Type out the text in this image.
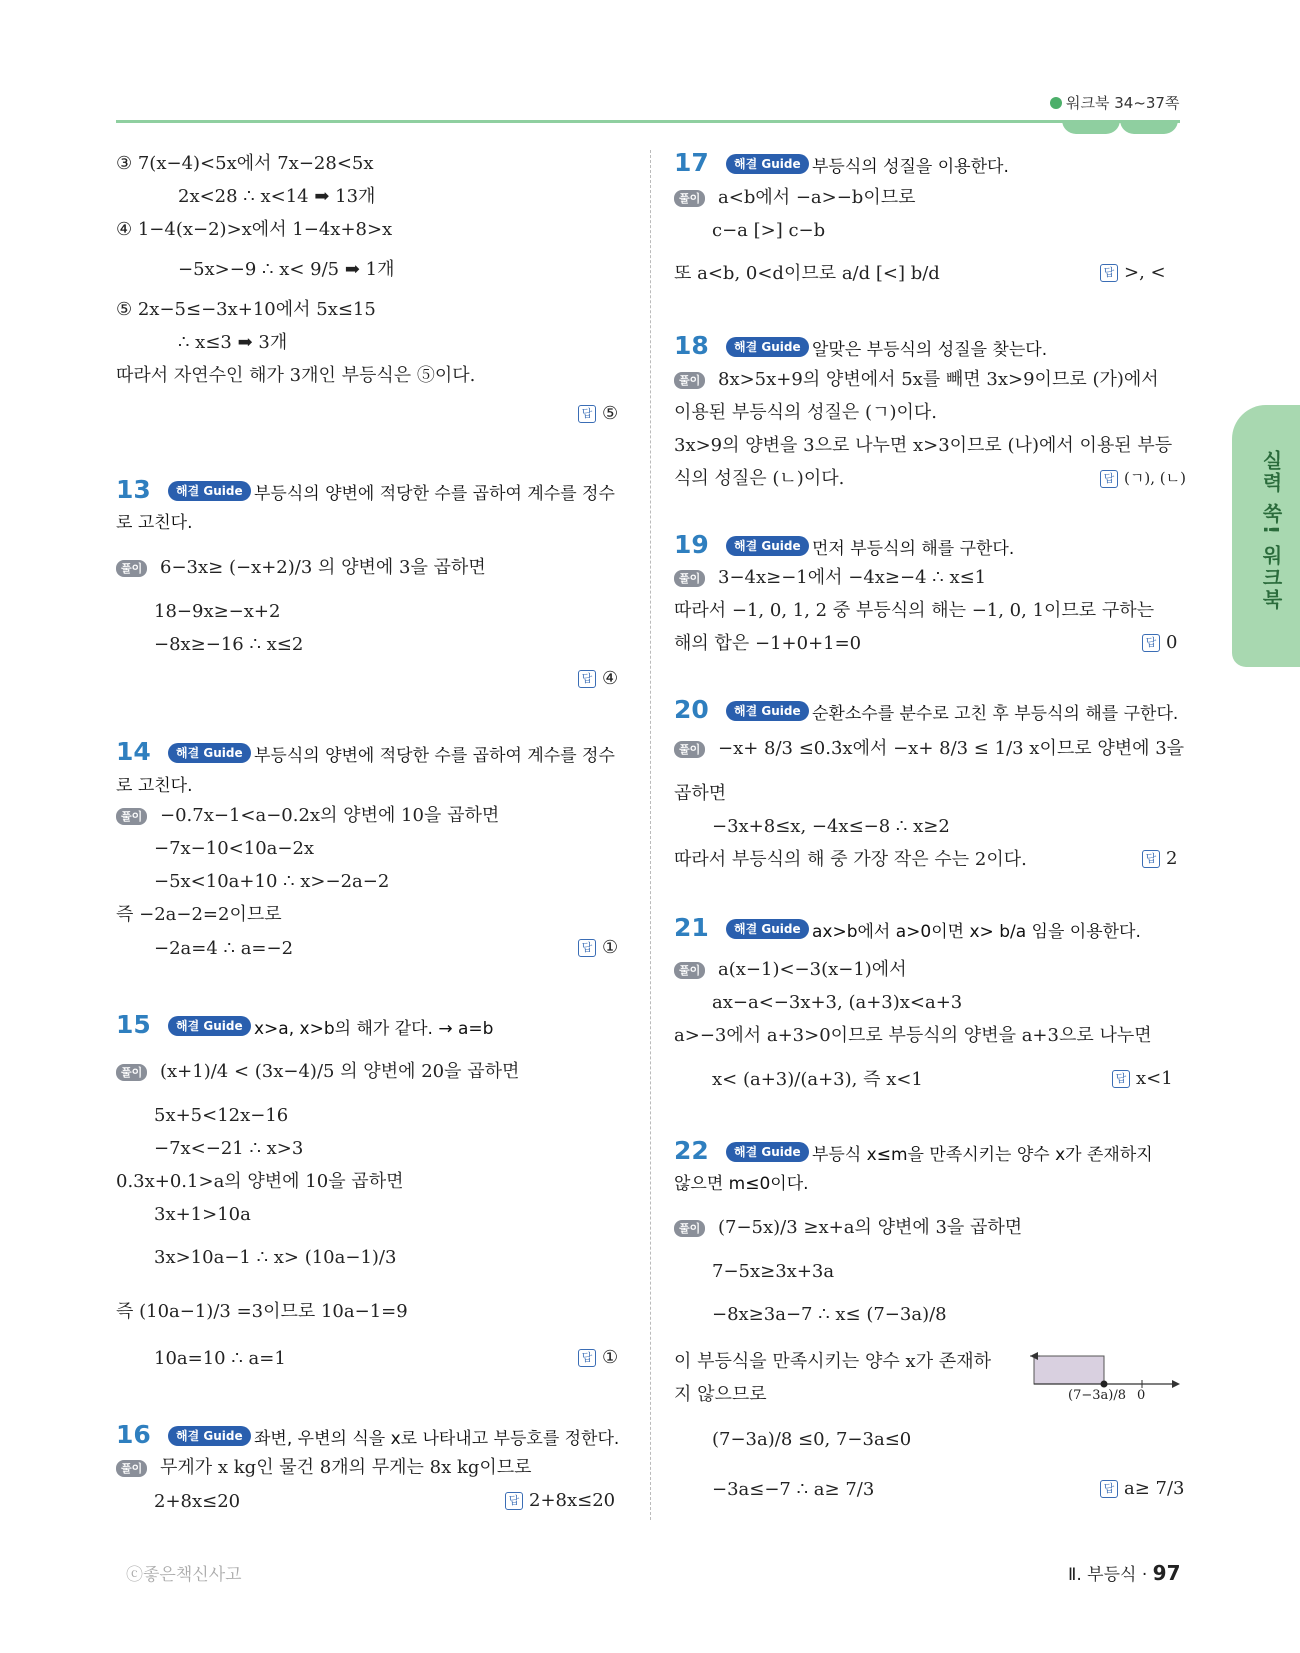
워크북 34~37쪽
실력 쑥! 워크북
③ 7(x−4)<5x에서 7x−28<5x
2x<28 ∴ x<14 ➡ 13개
④ 1−4(x−2)>x에서 1−4x+8>x
−5x>−9 ∴ x< 9/5 ➡ 1개
⑤ 2x−5≤−3x+10에서 5x≤15
∴ x≤3 ➡ 3개
따라서 자연수인 해가 3개인 부등식은 ⑤이다.
답 ⑤
13	해결 Guide 부등식의 양변에 적당한 수를 곱하여 계수를 정수
로 고친다.
풀이 6−3x≥ (−x+2)/3 의 양변에 3을 곱하면
18−9x≥−x+2
−8x≥−16 ∴ x≤2
답 ④
14	해결 Guide 부등식의 양변에 적당한 수를 곱하여 계수를 정수
로 고친다.
풀이 −0.7x−1<a−0.2x의 양변에 10을 곱하면
−7x−10<10a−2x
−5x<10a+10 ∴ x>−2a−2
즉 −2a−2=2이므로
−2a=4 ∴ a=−2	답 ①
15	해결 Guide x>a, x>b의 해가 같다. → a=b
풀이 (x+1)/4 < (3x−4)/5 의 양변에 20을 곱하면
5x+5<12x−16
−7x<−21 ∴ x>3
0.3x+0.1>a의 양변에 10을 곱하면
3x+1>10a
3x>10a−1 ∴ x> (10a−1)/3
즉 (10a−1)/3 =3이므로 10a−1=9
10a=10 ∴ a=1	답 ①
16	해결 Guide 좌변, 우변의 식을 x로 나타내고 부등호를 정한다.
풀이 무게가 x kg인 물건 8개의 무게는 8x kg이므로
2+8x≤20	답 2+8x≤20
17	해결 Guide 부등식의 성질을 이용한다.
풀이 a<b에서 −a>−b이므로
c−a [>] c−b
또 a<b, 0<d이므로 a/d [<] b/d	답 >, <
18	해결 Guide 알맞은 부등식의 성질을 찾는다.
풀이 8x>5x+9의 양변에서 5x를 빼면 3x>9이므로 (가)에서
이용된 부등식의 성질은 (ㄱ)이다.
3x>9의 양변을 3으로 나누면 x>3이므로 (나)에서 이용된 부등
식의 성질은 (ㄴ)이다.	답 (ㄱ), (ㄴ)
19	해결 Guide 먼저 부등식의 해를 구한다.
풀이 3−4x≥−1에서 −4x≥−4 ∴ x≤1
따라서 −1, 0, 1, 2 중 부등식의 해는 −1, 0, 1이므로 구하는
해의 합은 −1+0+1=0	답 0
20	해결 Guide 순환소수를 분수로 고친 후 부등식의 해를 구한다.
풀이 −x+ 8/3 ≤0.3̇x에서 −x+ 8/3 ≤ 1/3 x이므로 양변에 3을
곱하면
−3x+8≤x, −4x≤−8 ∴ x≥2
따라서 부등식의 해 중 가장 작은 수는 2이다.	답 2
21	해결 Guide ax>b에서 a>0이면 x> b/a 임을 이용한다.
풀이 a(x−1)<−3(x−1)에서
ax−a<−3x+3, (a+3)x<a+3
a>−3에서 a+3>0이므로 부등식의 양변을 a+3으로 나누면
x< (a+3)/(a+3), 즉 x<1	답 x<1
22	해결 Guide 부등식 x≤m을 만족시키는 양수 x가 존재하지
않으면 m≤0이다.
풀이 (7−5x)/3 ≥x+a의 양변에 3을 곱하면
7−5x≥3x+3a
−8x≥3a−7 ∴ x≤ (7−3a)/8
이 부등식을 만족시키는 양수 x가 존재하
지 않으므로
(7−3a)/8 ≤0, 7−3a≤0
−3a≤−7 ∴ a≥ 7/3	답 a≥ 7/3
(7−3a)/8 0
ⓒ좋은책신사고	Ⅱ. 부등식 · 97
